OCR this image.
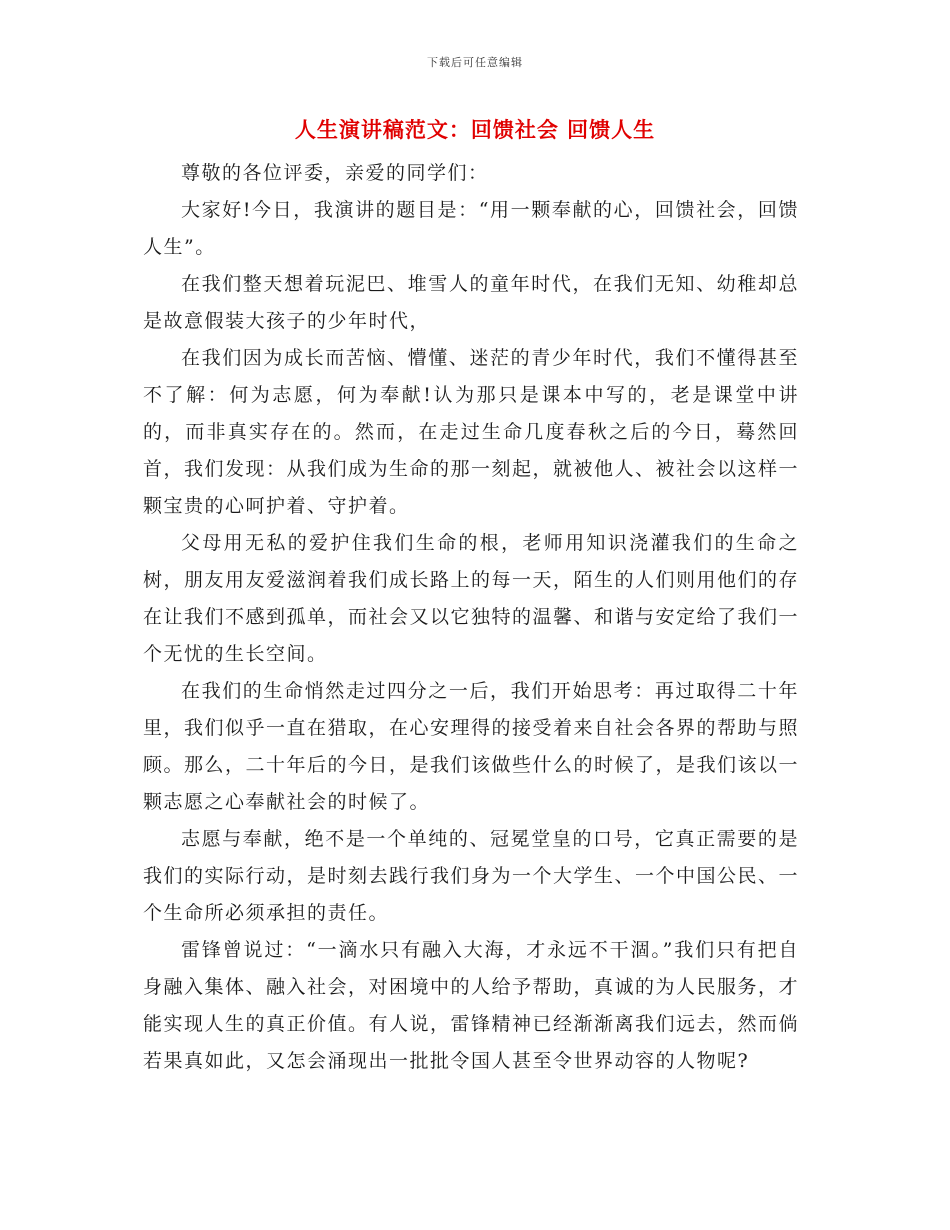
下载后可任意编辑
人生演讲稿范文：回馈社会 回馈人生

尊敬的各位评委，亲爱的同学们：

大家好!今日，我演讲的题目是：“用一颗奉献的心，回馈社会，回馈人生”。

在我们整天想着玩泥巴、堆雪人的童年时代，在我们无知、幼稚却总是故意假装大孩子的少年时代，

在我们因为成长而苦恼、懵懂、迷茫的青少年时代，我们不懂得甚至不了解：何为志愿，何为奉献!认为那只是课本中写的，老是课堂中讲的，而非真实存在的。然而，在走过生命几度春秋之后的今日，蓦然回首，我们发现：从我们成为生命的那一刻起，就被他人、被社会以这样一颗宝贵的心呵护着、守护着。

父母用无私的爱护住我们生命的根，老师用知识浇灌我们的生命之树，朋友用友爱滋润着我们成长路上的每一天，陌生的人们则用他们的存在让我们不感到孤单，而社会又以它独特的温馨、和谐与安定给了我们一个无忧的生长空间。

在我们的生命悄然走过四分之一后，我们开始思考：再过取得二十年里，我们似乎一直在猎取，在心安理得的接受着来自社会各界的帮助与照顾。那么，二十年后的今日，是我们该做些什么的时候了，是我们该以一颗志愿之心奉献社会的时候了。

志愿与奉献，绝不是一个单纯的、冠冕堂皇的口号，它真正需要的是我们的实际行动，是时刻去践行我们身为一个大学生、一个中国公民、一个生命所必须承担的责任。

雷锋曾说过：“一滴水只有融入大海，才永远不干涸。”我们只有把自身融入集体、融入社会，对困境中的人给予帮助，真诚的为人民服务，才能实现人生的真正价值。有人说，雷锋精神已经渐渐离我们远去，然而倘若果真如此，又怎会涌现出一批批令国人甚至令世界动容的人物呢?
